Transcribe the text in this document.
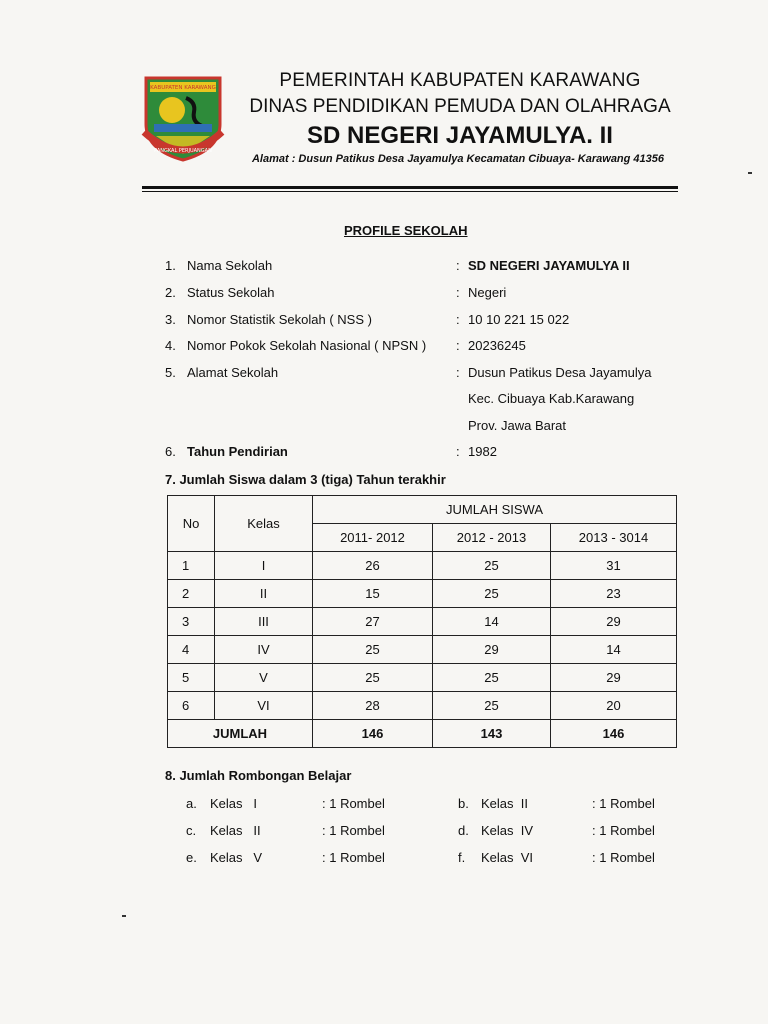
KABUPATEN KARAWANG
PANGKAL PERJUANGAN
PEMERINTAH KABUPATEN KARAWANG
DINAS PENDIDIKAN PEMUDA DAN OLAHRAGA
SD NEGERI JAYAMULYA. II
Alamat : Dusun Patikus Desa Jayamulya Kecamatan Cibuaya- Karawang 41356
PROFILE SEKOLAH
1. Nama Sekolah	: SD NEGERI JAYAMULYA II
2. Status Sekolah	: Negeri
3. Nomor Statistik Sekolah ( NSS )	: 10 10 221 15 022
4. Nomor Pokok Sekolah Nasional ( NPSN ) : 20236245
5. Alamat Sekolah	: Dusun Patikus Desa Jayamulya
Kec. Cibuaya Kab.Karawang
Prov. Jawa Barat
6. Tahun Pendirian	: 1982
7. Jumlah Siswa dalam 3 (tiga) Tahun terakhir
No	Kelas	JUMLAH SISWA		
		2011- 2012	2012 - 2013	2013 - 3014
1	I	26	25	31
2	II	15	25	23
3	III	27	14	29
4	IV	25	29	14
5	V	25	25	29
6	VI	28	25	20
JUMLAH		146	143	146
8. Jumlah Rombongan Belajar
a. Kelas   I	: 1 Rombel	b. Kelas  II	: 1 Rombel
c. Kelas   II	: 1 Rombel	d. Kelas  IV	: 1 Rombel
e. Kelas   V	: 1 Rombel	f. Kelas  VI	: 1 Rombel
